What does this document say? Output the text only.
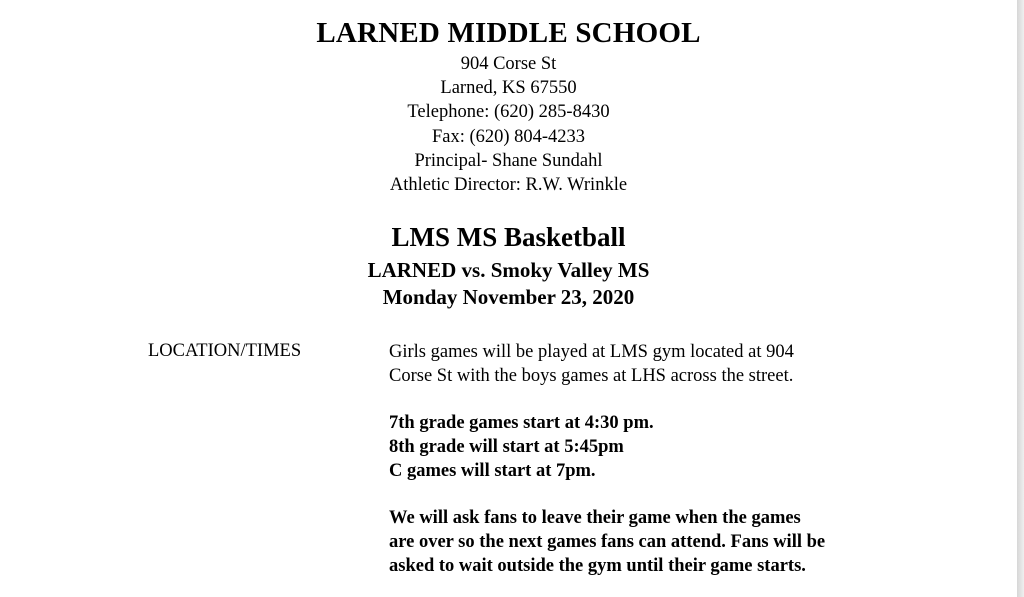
LARNED MIDDLE SCHOOL
904 Corse St
Larned, KS 67550
Telephone: (620) 285-8430
Fax: (620) 804-4233
Principal- Shane Sundahl
Athletic Director: R.W. Wrinkle
LMS MS Basketball
LARNED vs. Smoky Valley MS
Monday November 23, 2020
LOCATION/TIMES	Girls games will be played at LMS gym located at 904
Corse St with the boys games at LHS across the street.
7th grade games start at 4:30 pm.
8th grade will start at 5:45pm
C games will start at 7pm.
We will ask fans to leave their game when the games
are over so the next games fans can attend. Fans will be
asked to wait outside the gym until their game starts.
